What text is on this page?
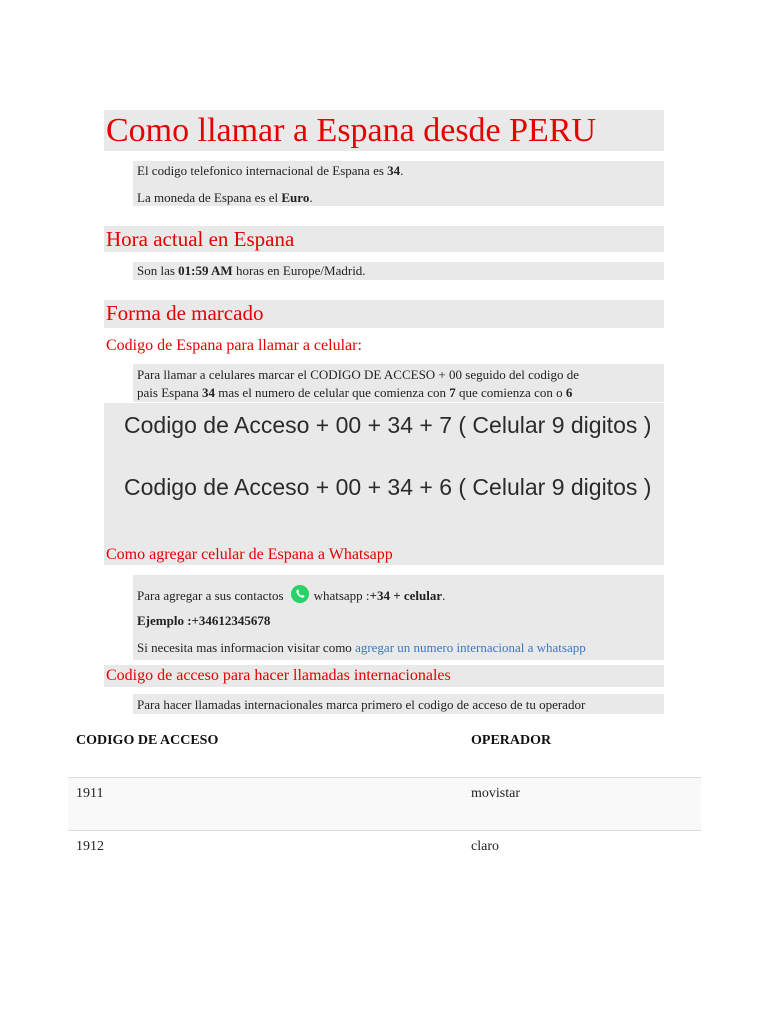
Como llamar a Espana desde PERU
El codigo telefonico internacional de Espana es 34.
La moneda de Espana es el Euro.
Hora actual en Espana
Son las 01:59 AM horas en Europe/Madrid.
Forma de marcado
Codigo de Espana para llamar a celular:
Para llamar a celulares marcar el CODIGO DE ACCESO + 00 seguido del codigo de
pais Espana 34 mas el numero de celular que comienza con 7 que comienza con o 6
Codigo de Acceso + 00 + 34 + 7 ( Celular 9 digitos )
Codigo de Acceso + 00 + 34 + 6 ( Celular 9 digitos )
Como agregar celular de Espana a Whatsapp
Para agregar a sus contactos whatsapp :+34 + celular.
Ejemplo :+34612345678
Si necesita mas informacion visitar como agregar un numero internacional a whatsapp
Codigo de acceso para hacer llamadas internacionales
Para hacer llamadas internacionales marca primero el codigo de acceso de tu operador
CODIGO DE ACCESO	OPERADOR
1911	movistar
1912	claro
